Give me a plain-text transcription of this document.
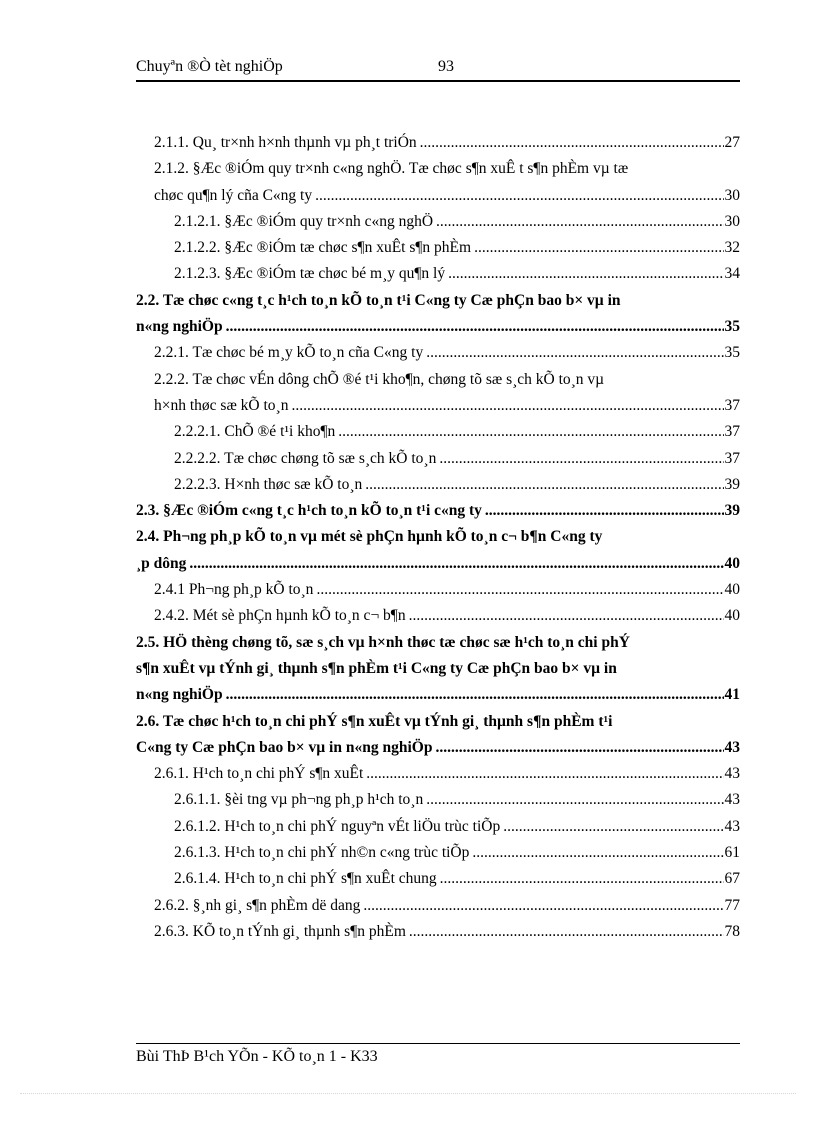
Chuyªn ®Ò tèt nghiÖp	93
2.1.1. Qu¸ tr×nh h×nh thµnh vµ ph¸t triÓn .....	27
2.1.2. §Æc ®iÓm quy tr×nh c«ng nghÖ. Tæ chøc s¶n xuÊ t s¶n phÈm vµ tæ
chøc qu¶n lý cña C«ng ty .....	30
2.1.2.1. §Æc ®iÓm quy tr×nh c«ng nghÖ .....	30
2.1.2.2. §Æc ®iÓm tæ chøc s¶n xuÊt s¶n phÈm .....	32
2.1.2.3. §Æc ®iÓm tæ chøc bé m¸y qu¶n lý .....	34
2.2. Tæ chøc c«ng t¸c h¹ch to¸n kÕ to¸n t¹i C«ng ty Cæ phÇn bao b× vµ in
n«ng nghiÖp .....	35
2.2.1. Tæ chøc bé m¸y kÕ to¸n cña C«ng ty .....	35
2.2.2. Tæ chøc vÉn dông chÕ ®é t¹i kho¶n, chøng tõ sæ s¸ch kÕ to¸n vµ
h×nh thøc sæ kÕ to¸n .....	37
2.2.2.1. ChÕ ®é t¹i kho¶n .....	37
2.2.2.2. Tæ chøc chøng tõ sæ s¸ch kÕ to¸n .....	37
2.2.2.3. H×nh thøc sæ kÕ to¸n .....	39
2.3. §Æc ®iÓm c«ng t¸c h¹ch to¸n kÕ to¸n t¹i c«ng ty .....	39
2.4. Ph¬ng ph¸p kÕ to¸n vµ mét sè phÇn hµnh kÕ to¸n c¬ b¶n C«ng ty
¸p dông .....	40
2.4.1 Ph¬ng ph¸p kÕ to¸n .....	40
2.4.2. Mét sè phÇn hµnh kÕ to¸n c¬ b¶n .....	40
2.5. HÖ thèng chøng tõ, sæ s¸ch vµ h×nh thøc tæ chøc sæ h¹ch to¸n chi phÝ
s¶n xuÊt vµ tÝnh gi¸ thµnh s¶n phÈm t¹i C«ng ty Cæ phÇn bao b× vµ in
n«ng nghiÖp .....	41
2.6. Tæ chøc h¹ch to¸n chi phÝ s¶n xuÊt vµ tÝnh gi¸ thµnh s¶n phÈm t¹i
C«ng ty Cæ phÇn bao b× vµ in n«ng nghiÖp .....	43
2.6.1. H¹ch to¸n chi phÝ s¶n xuÊt .....	43
2.6.1.1. §èi tng vµ ph¬ng ph¸p h¹ch to¸n .....	43
2.6.1.2. H¹ch to¸n chi phÝ nguyªn vÉt liÖu trùc tiÕp .....	43
2.6.1.3. H¹ch to¸n chi phÝ nh©n c«ng trùc tiÕp .....	61
2.6.1.4. H¹ch to¸n chi phÝ s¶n xuÊt chung .....	67
2.6.2. §¸nh gi¸ s¶n phÈm dë dang .....	77
2.6.3. KÕ to¸n tÝnh gi¸ thµnh s¶n phÈm .....	78
Bùi ThÞ B¹ch YÕn - KÕ to¸n 1 - K33
